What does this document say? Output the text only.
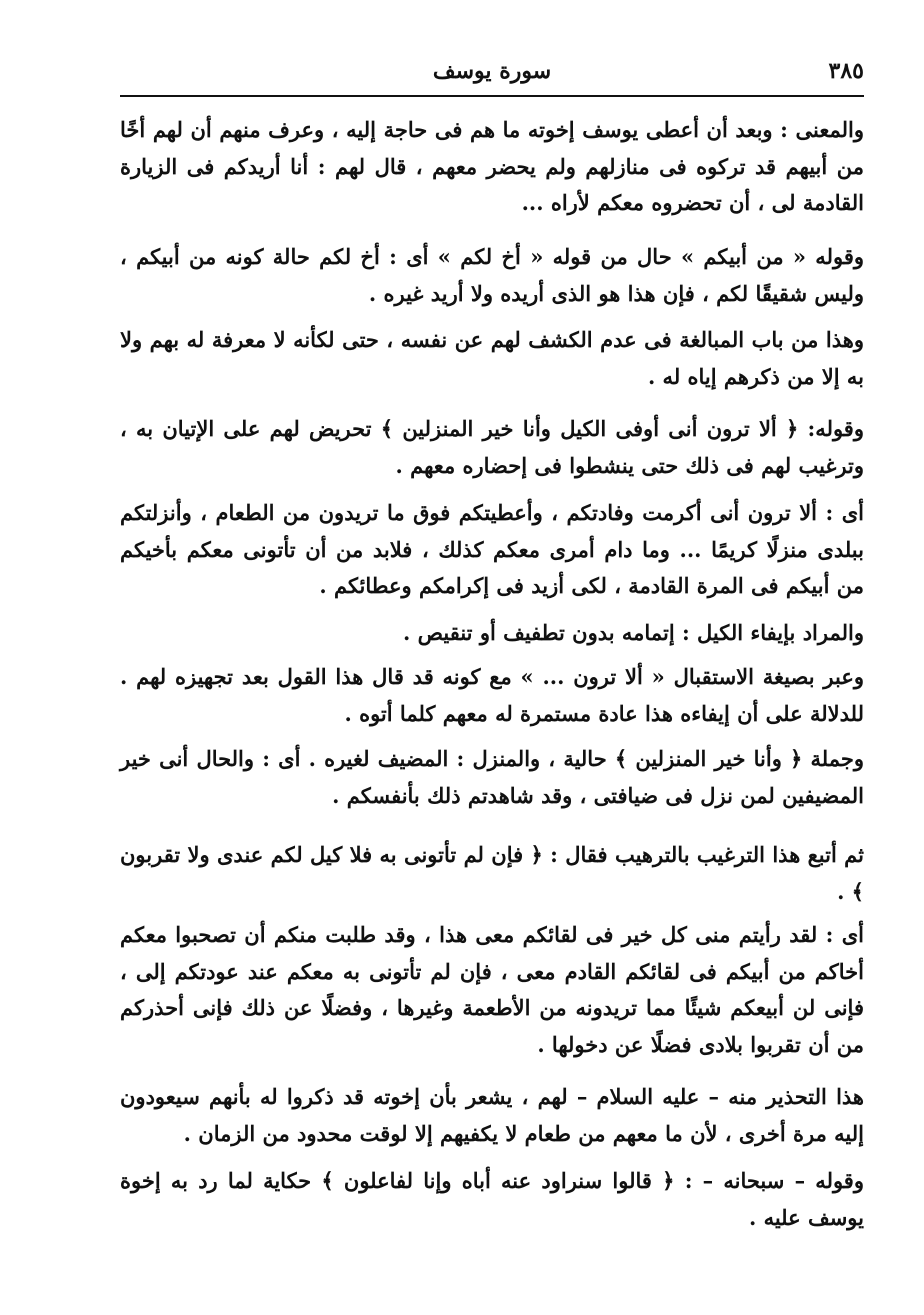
سورة يوسف	٣٨٥

والمعنى : وبعد أن أعطى يوسف إخوته ما هم فى حاجة إليه ، وعرف منهم أن لهم أخًا من أبيهم قد تركوه فى منازلهم ولم يحضر معهم ، قال لهم : أنا أريدكم فى الزيارة القادمة لى ، أن تحضروه معكم لأراه ...

وقوله « من أبيكم » حال من قوله « أخ لكم » أى : أخ لكم حالة كونه من أبيكم ، وليس شقيقًا لكم ، فإن هذا هو الذى أريده ولا أريد غيره .

وهذا من باب المبالغة فى عدم الكشف لهم عن نفسه ، حتى لكأنه لا معرفة له بهم ولا به إلا من ذكرهم إياه له .

وقوله: ﴿ ألا ترون أنى أوفى الكيل وأنا خير المنزلين ﴾ تحريض لهم على الإتيان به ، وترغيب لهم فى ذلك حتى ينشطوا فى إحضاره معهم .

أى : ألا ترون أنى أكرمت وفادتكم ، وأعطيتكم فوق ما تريدون من الطعام ، وأنزلتكم ببلدى منزلًا كريمًا ... وما دام أمرى معكم كذلك ، فلابد من أن تأتونى معكم بأخيكم من أبيكم فى المرة القادمة ، لكى أزيد فى إكرامكم وعطائكم .

والمراد بإيفاء الكيل : إتمامه بدون تطفيف أو تنقيص .

وعبر بصيغة الاستقبال « ألا ترون ... » مع كونه قد قال هذا القول بعد تجهيزه لهم . للدلالة على أن إيفاءه هذا عادة مستمرة له معهم كلما أتوه .

وجملة ﴿ وأنا خير المنزلين ﴾ حالية ، والمنزل : المضيف لغيره . أى : والحال أنى خير المضيفين لمن نزل فى ضيافتى ، وقد شاهدتم ذلك بأنفسكم .

ثم أتبع هذا الترغيب بالترهيب فقال : ﴿ فإن لم تأتونى به فلا كيل لكم عندى ولا تقربون ﴾ .

أى : لقد رأيتم منى كل خير فى لقائكم معى هذا ، وقد طلبت منكم أن تصحبوا معكم أخاكم من أبيكم فى لقائكم القادم معى ، فإن لم تأتونى به معكم عند عودتكم إلى ، فإنى لن أبيعكم شيئًا مما تريدونه من الأطعمة وغيرها ، وفضلًا عن ذلك فإنى أحذركم من أن تقربوا بلادى فضلًا عن دخولها .

هذا التحذير منه – عليه السلام – لهم ، يشعر بأن إخوته قد ذكروا له بأنهم سيعودون إليه مرة أخرى ، لأن ما معهم من طعام لا يكفيهم إلا لوقت محدود من الزمان .

وقوله – سبحانه – : ﴿ قالوا سنراود عنه أباه وإنا لفاعلون ﴾ حكاية لما رد به إخوة يوسف عليه .
